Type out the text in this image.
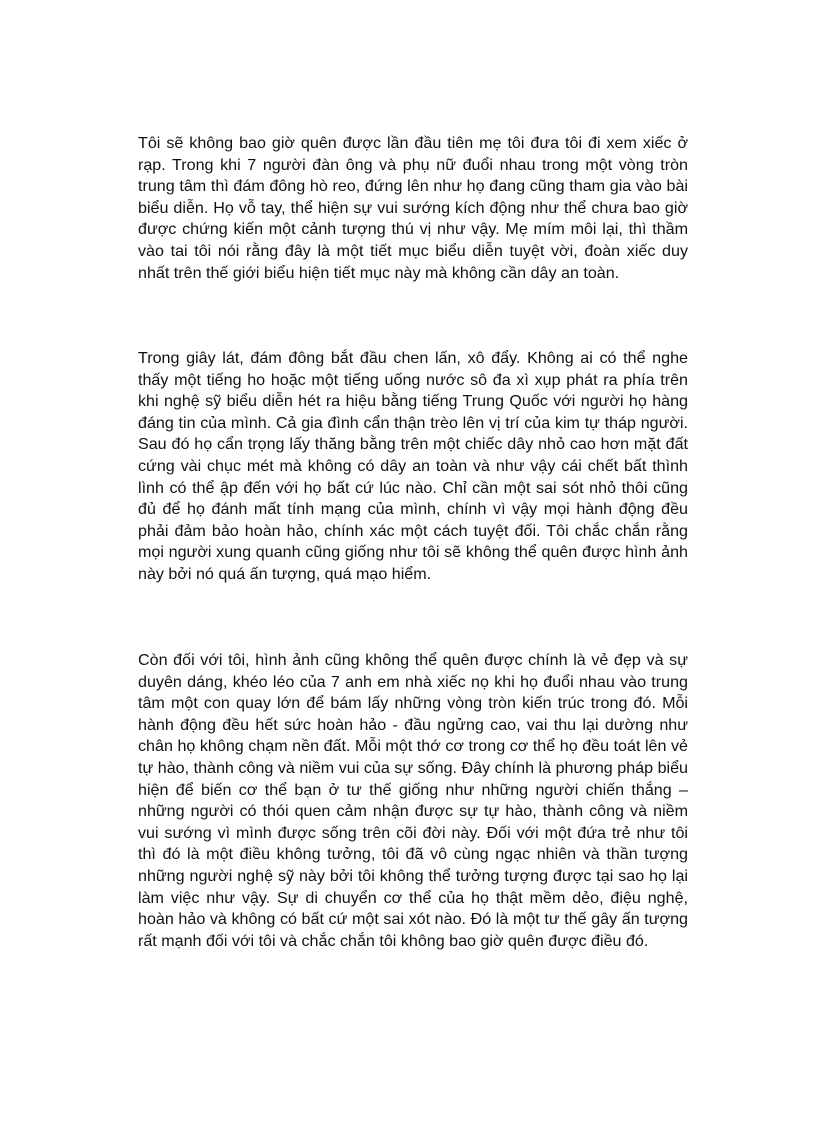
Tôi sẽ không bao giờ quên được lần đầu tiên mẹ tôi đưa tôi đi xem xiếc ở rạp. Trong khi 7 người đàn ông và phụ nữ đuổi nhau trong một vòng tròn trung tâm thì đám đông hò reo, đứng lên như họ đang cũng tham gia vào bài biểu diễn. Họ vỗ tay, thể hiện sự vui sướng kích động như thể chưa bao giờ được chứng kiến một cảnh tượng thú vị như vậy. Mẹ mím môi lại, thì thầm vào tai tôi nói rằng đây là một tiết mục biểu diễn tuyệt vời, đoàn xiếc duy nhất trên thế giới biểu hiện tiết mục này mà không cần dây an toàn.

Trong giây lát, đám đông bắt đầu chen lấn, xô đẩy. Không ai có thể nghe thấy một tiếng ho hoặc một tiếng uống nước sô đa xì xụp phát ra phía trên khi nghệ sỹ biểu diễn hét ra hiệu bằng tiếng Trung Quốc với người họ hàng đáng tin của mình. Cả gia đình cẩn thận trèo lên vị trí của kim tự tháp người. Sau đó họ cẩn trọng lấy thăng bằng trên một chiếc dây nhỏ cao hơn mặt đất cứng vài chục mét mà không có dây an toàn và như vậy cái chết bất thình lình có thể ập đến với họ bất cứ lúc nào. Chỉ cần một sai sót nhỏ thôi cũng đủ để họ đánh mất tính mạng của mình, chính vì vậy mọi hành động đều phải đảm bảo hoàn hảo, chính xác một cách tuyệt đối. Tôi chắc chắn rằng mọi người xung quanh cũng giống như tôi sẽ không thể quên được hình ảnh này bởi nó quá ấn tượng, quá mạo hiểm.

Còn đối với tôi, hình ảnh cũng không thể quên được chính là vẻ đẹp và sự duyên dáng, khéo léo của 7 anh em nhà xiếc nọ khi họ đuổi nhau vào trung tâm một con quay lớn để bám lấy những vòng tròn kiến trúc trong đó. Mỗi hành động đều hết sức hoàn hảo - đầu ngửng cao, vai thu lại dường như chân họ không chạm nền đất. Mỗi một thớ cơ trong cơ thể họ đều toát lên vẻ tự hào, thành công và niềm vui của sự sống. Đây chính là phương pháp biểu hiện để biến cơ thể bạn ở tư thế giống như những người chiến thắng – những người có thói quen cảm nhận được sự tự hào, thành công và niềm vui sướng vì mình được sống trên cõi đời này. Đối với một đứa trẻ như tôi thì đó là một điều không tưởng, tôi đã vô cùng ngạc nhiên và thần tượng những người nghệ sỹ này bởi tôi không thể tưởng tượng được tại sao họ lại làm việc như vậy. Sự di chuyển cơ thể của họ thật mềm dẻo, điệu nghệ, hoàn hảo và không có bất cứ một sai xót nào. Đó là một tư thế gây ấn tượng rất mạnh đối với tôi và chắc chắn tôi không bao giờ quên được điều đó.
